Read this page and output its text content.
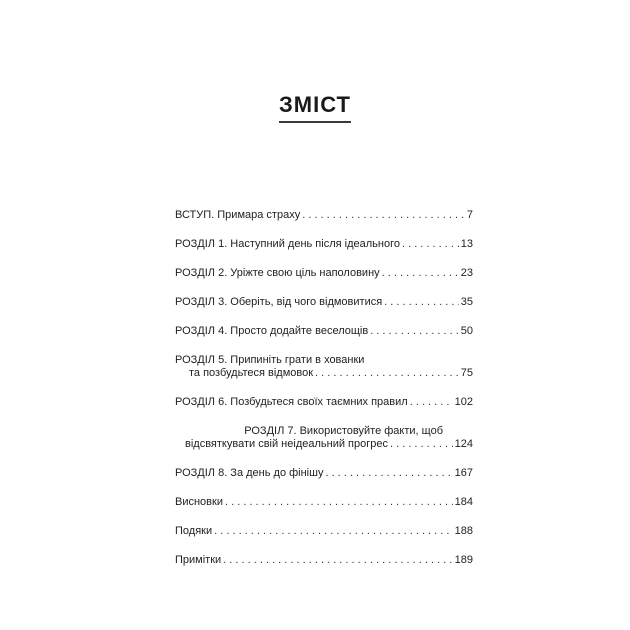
ЗМІСТ
ВСТУП. Примара страху . . .	7
РОЗДІЛ 1. Наступний день після ідеального . . .	13
РОЗДІЛ 2. Уріжте свою ціль наполовину . . .	23
РОЗДІЛ 3. Оберіть, від чого відмовитися . . .	35
РОЗДІЛ 4. Просто додайте веселощів . . .	50
РОЗДІЛ 5. Припиніть грати в хованки
та позбудьтеся відмовок . . .	75
РОЗДІЛ 6. Позбудьтеся своїх таємних правил . . .	102
РОЗДІЛ 7. Використовуйте факти, щоб
відсвяткувати свій неідеальний прогрес . . .	124
РОЗДІЛ 8. За день до фінішу . . .	167
Висновки . . .	184
Подяки . . .	188
Примітки . . .	189
